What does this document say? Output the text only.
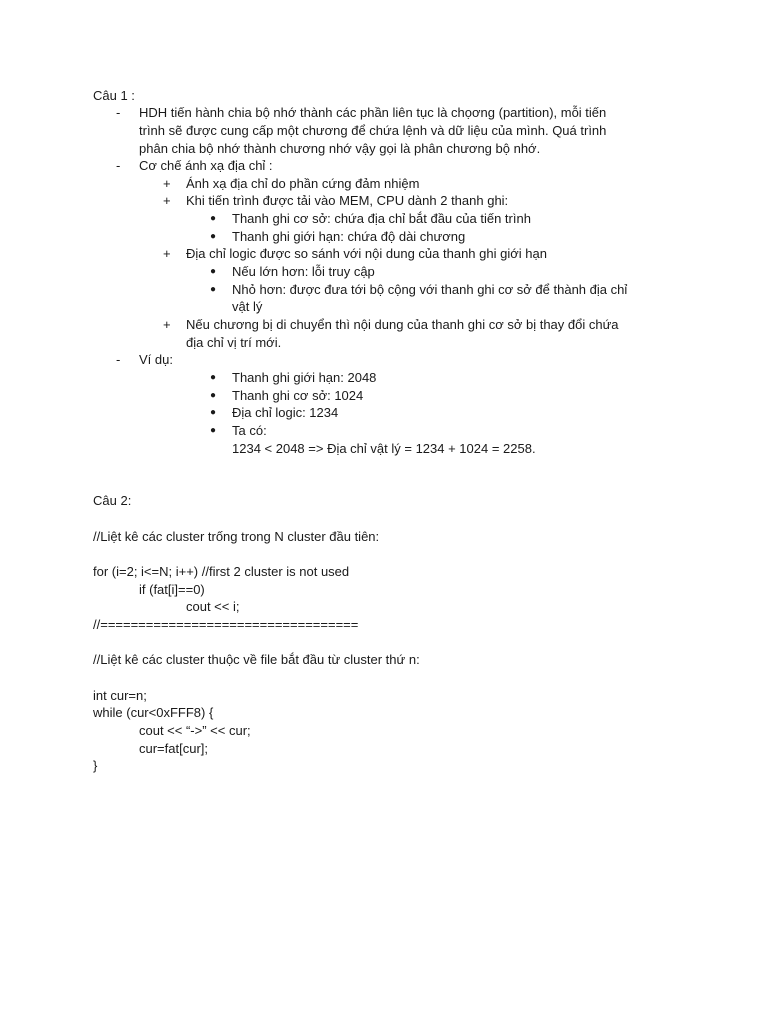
Câu 1 :

- HDH tiến hành chia bộ nhớ thành các phần liên tục là chọơng (partition), mỗi tiến

trình sẽ được cung cấp một chương để chứa lệnh và dữ liệu của mình. Quá trình

phân chia bộ nhớ thành chương nhớ vậy gọi là phân chương bộ nhớ.

- Cơ chế ánh xạ địa chỉ :

+ Ánh xạ địa chỉ do phần cứng đảm nhiệm

+ Khi tiến trình được tải vào MEM, CPU dành 2 thanh ghi:

● Thanh ghi cơ sở: chứa địa chỉ bắt đầu của tiến trình

● Thanh ghi giới hạn: chứa độ dài chương

+ Địa chỉ logic được so sánh với nội dung của thanh ghi giới hạn

● Nếu lớn hơn: lỗi truy cập

● Nhỏ hơn: được đưa tới bộ cộng với thanh ghi cơ sở để thành địa chỉ

vật lý

+ Nếu chương bị di chuyển thì nội dung của thanh ghi cơ sở bị thay đổi chứa

địa chỉ vị trí mới.

- Ví dụ:

● Thanh ghi giới hạn: 2048

● Thanh ghi cơ sở: 1024

● Địa chỉ logic: 1234

● Ta có:

1234 < 2048 => Địa chỉ vật lý = 1234 + 1024 = 2258.

Câu 2:

//Liệt kê các cluster trống trong N cluster đầu tiên:

for (i=2; i<=N; i++) //first 2 cluster is not used

if (fat[i]==0)

cout << i;

//==================================

//Liệt kê các cluster thuộc về file bắt đầu từ cluster thứ n:

int cur=n;

while (cur<0xFFF8) {

cout << “->” << cur;

cur=fat[cur];

}
